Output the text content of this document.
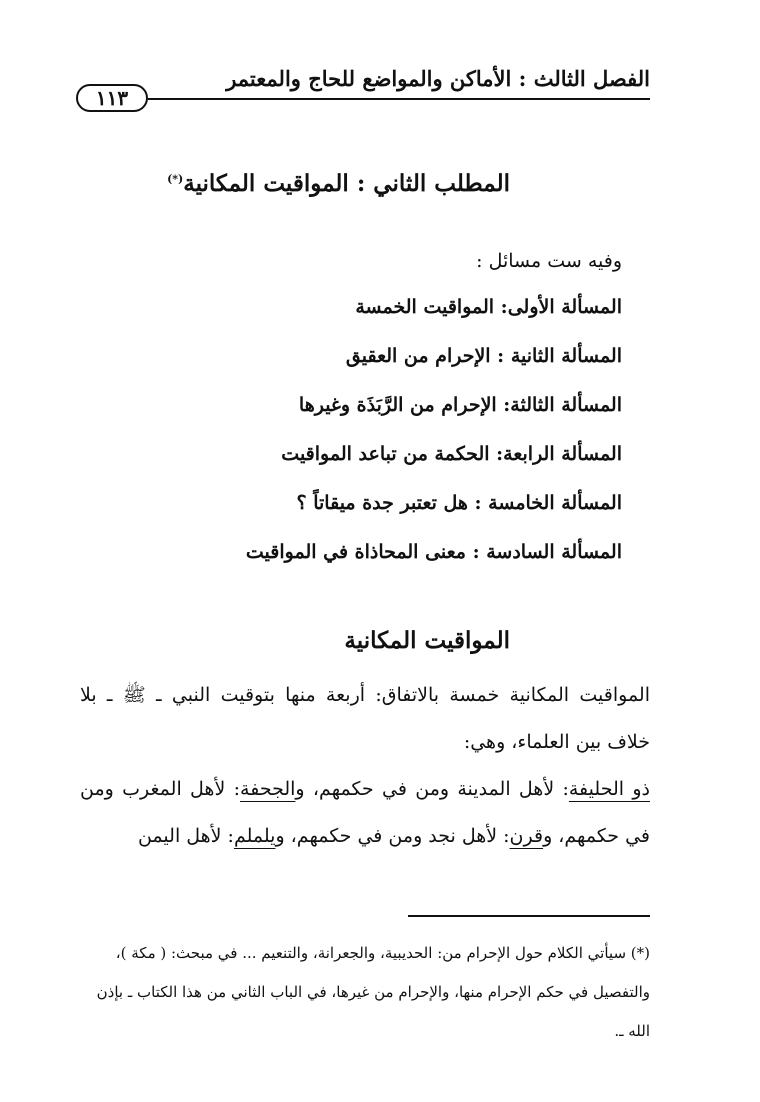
الفصل الثالث : الأماكن والمواضع للحاج والمعتمر
١١٣
المطلب الثاني : المواقيت المكانية(*)
وفيه ست مسائل :
المسألة الأولى: المواقيت الخمسة
المسألة الثانية : الإحرام من العقيق
المسألة الثالثة: الإحرام من الرَّبَذَة وغيرها
المسألة الرابعة: الحكمة من تباعد المواقيت
المسألة الخامسة : هل تعتبر جدة ميقاتاً ؟
المسألة السادسة : معنى المحاذاة في المواقيت
المواقيت المكانية

المواقيت المكانية خمسة بالاتفاق: أربعة منها بتوقيت النبي ـ ﷺ ـ بلا خلاف بين العلماء، وهي:

ذو الحليفة: لأهل المدينة ومن في حكمهم، والجحفة: لأهل المغرب ومن في حكمهم، وقرن: لأهل نجد ومن في حكمهم، ويلملم: لأهل اليمن

(*) سيأتي الكلام حول الإحرام من: الحديبية، والجعرانة، والتنعيم ... في مبحث: ( مكة )،

والتفصيل في حكم الإحرام منها، والإحرام من غيرها، في الباب الثاني من هذا الكتاب ـ بإذن

الله ـ.
